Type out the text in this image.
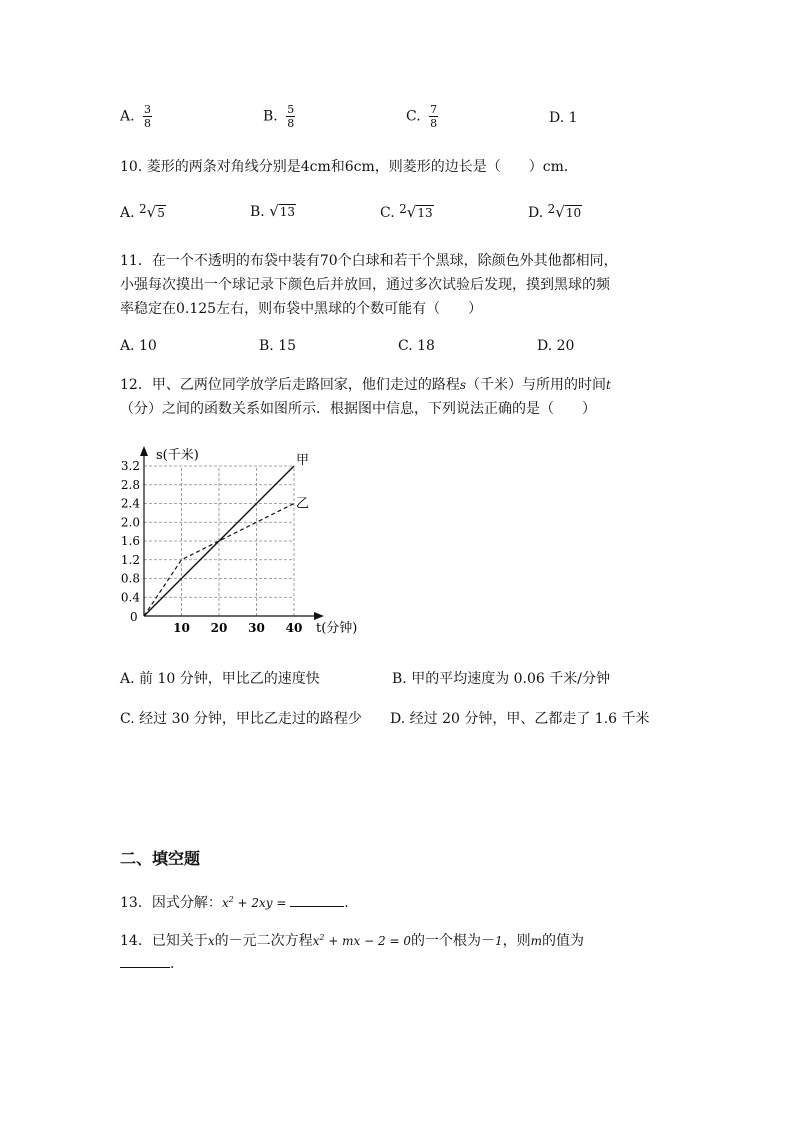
A. $\frac{3}{8}$	B. $\frac{5}{8}$	C. $\frac{7}{8}$	D. 1
10. 菱形的两条对角线分别是4cm和6cm，则菱形的边长是（　　）cm．
A. 2√5	B. √13	C. 2√13	D. 2√10
11．在一个不透明的布袋中装有70个白球和若干个黑球，除颜色外其他都相同，
小强每次摸出一个球记录下颜色后并放回，通过多次试验后发现，摸到黑球的频
率稳定在0.125左右，则布袋中黑球的个数可能有（　　）
A. 10	B. 15	C. 18	D. 20
12．甲、乙两位同学放学后走路回家，他们走过的路程s（千米）与所用的时间t
（分）之间的函数关系如图所示．根据图中信息，下列说法正确的是（　　）
0.4
0.8
1.2
1.6
2.0
2.4
2.8
3.2
10 20 30 40
甲
乙
s(千米)
t(分钟)
0
A. 前 10 分钟，甲比乙的速度快	B. 甲的平均速度为 0.06 千米/分钟
C. 经过 30 分钟，甲比乙走过的路程少 D. 经过 20 分钟，甲、乙都走了 1.6 千米
二、填空题
13．因式分解：$x^2 + 2xy$ =	.
14．已知关于x的－元二次方程$x^2$ + mx − 2 = 0的一个根为－1，则m的值为
.
